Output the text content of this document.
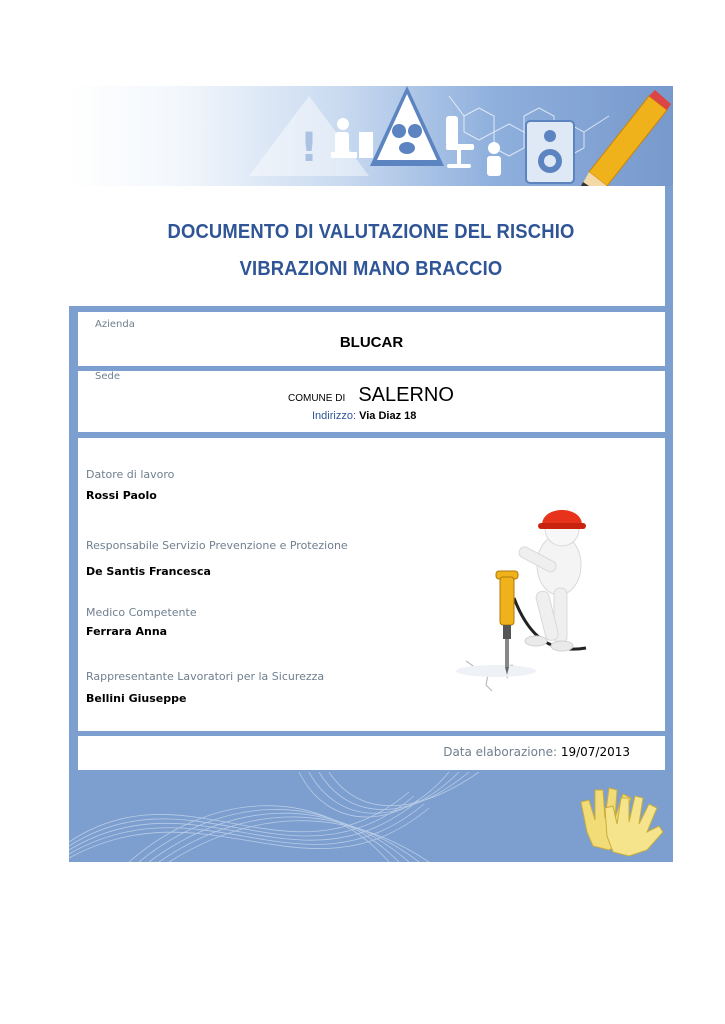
!
DOCUMENTO DI VALUTAZIONE DEL RISCHIO
VIBRAZIONI MANO BRACCIO
Azienda
BLUCAR
Sede
COMUNE DI SALERNO
Indirizzo: Via Diaz 18
Datore di lavoro
Rossi Paolo
Responsabile Servizio Prevenzione e Protezione
De Santis Francesca
Medico Competente
Ferrara Anna
Rappresentante Lavoratori per la Sicurezza
Bellini Giuseppe
Data elaborazione: 19/07/2013
